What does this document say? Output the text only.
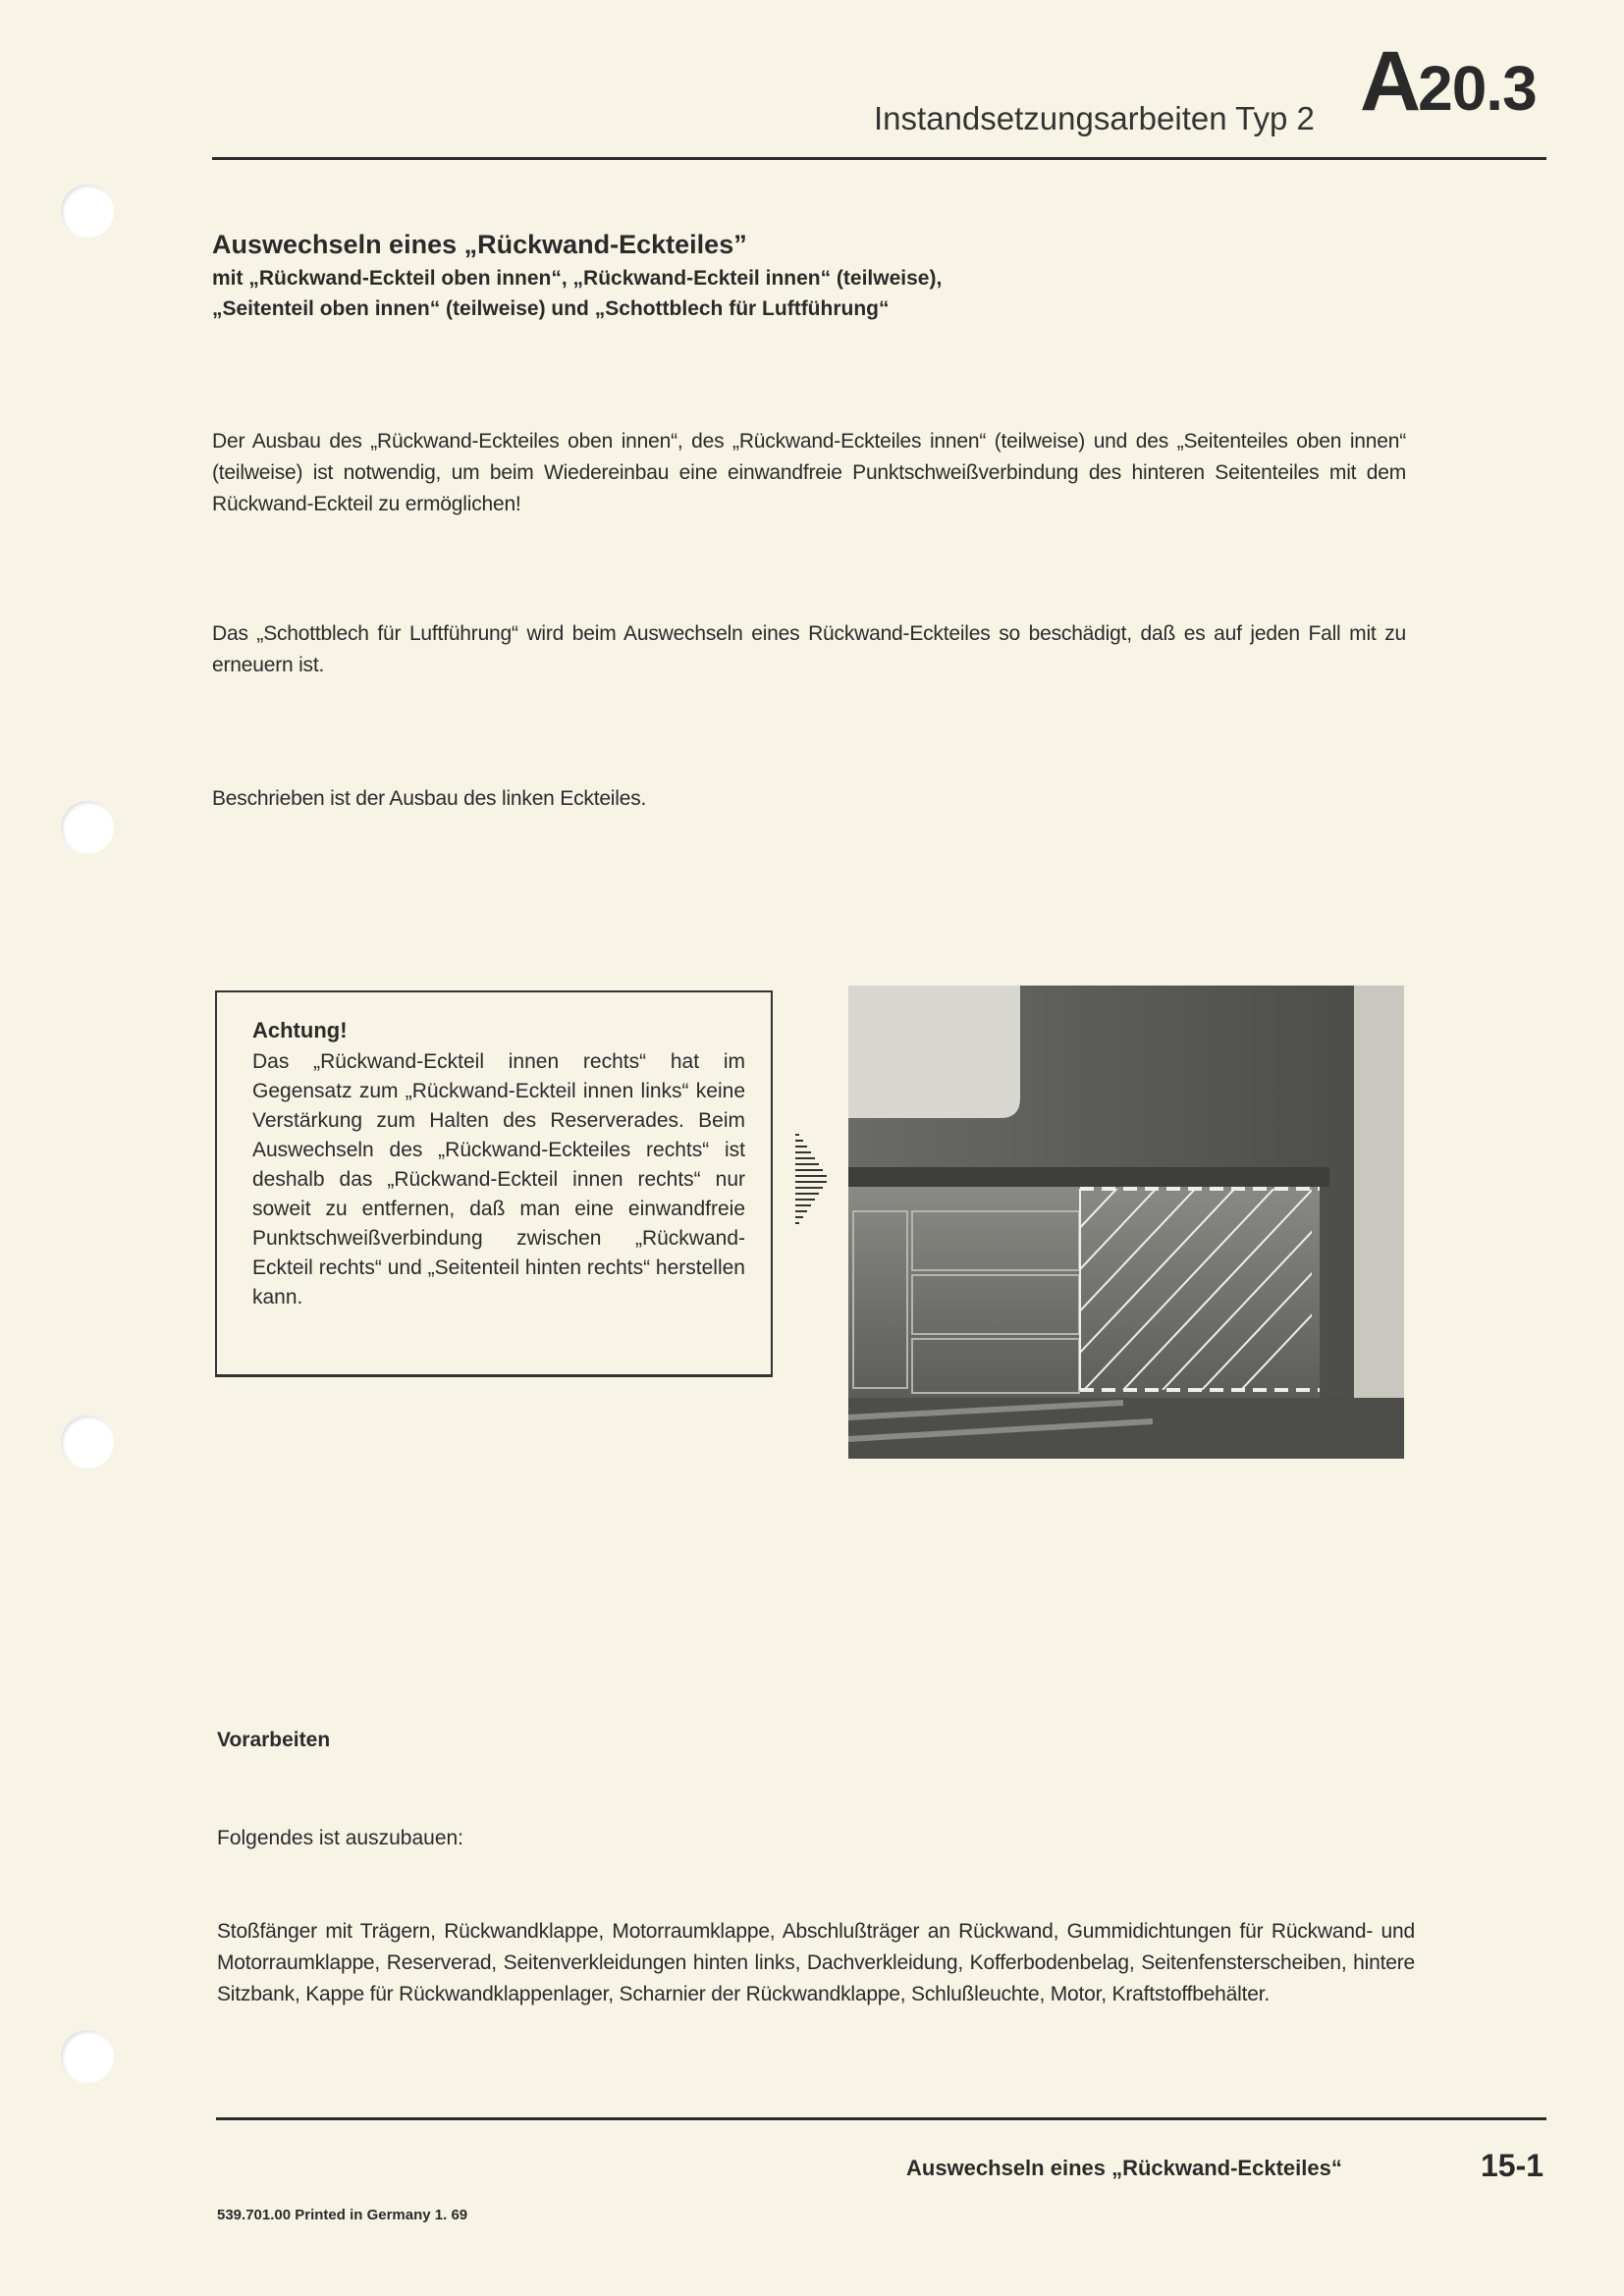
Instandsetzungsarbeiten Typ 2 A20.3
Auswechseln eines „Rückwand-Eckteiles”
mit „Rückwand-Eckteil oben innen“, „Rückwand-Eckteil innen“ (teilweise),
„Seitenteil oben innen“ (teilweise) und „Schottblech für Luftführung“
Der Ausbau des „Rückwand-Eckteiles oben innen“, des „Rückwand-Eckteiles innen“ (teilweise) und des „Seitenteiles oben innen“ (teilweise) ist notwendig, um beim Wiedereinbau eine einwandfreie Punktschweißverbindung des hinteren Seitenteiles mit dem Rückwand-Eckteil zu ermöglichen!
Das „Schottblech für Luftführung“ wird beim Auswechseln eines Rückwand-Eckteiles so beschädigt, daß es auf jeden Fall mit zu erneuern ist.
Beschrieben ist der Ausbau des linken Eckteiles.
Achtung!
Das „Rückwand-Eckteil innen rechts“ hat im Gegensatz zum „Rückwand-Eckteil innen links“ keine Verstärkung zum Halten des Reserverades. Beim Auswechseln des „Rückwand-Eckteiles rechts“ ist deshalb das „Rückwand-Eckteil innen rechts“ nur soweit zu entfernen, daß man eine einwandfreie Punktschweißverbindung zwischen „Rückwand-Eckteil rechts“ und „Seitenteil hinten rechts“ herstellen kann.
Vorarbeiten
Folgendes ist auszubauen:
Stoßfänger mit Trägern, Rückwandklappe, Motorraumklappe, Abschlußträger an Rückwand, Gummidichtungen für Rückwand- und Motorraumklappe, Reserverad, Seitenverkleidungen hinten links, Dachverkleidung, Kofferbodenbelag, Seitenfensterscheiben, hintere Sitzbank, Kappe für Rückwandklappenlager, Scharnier der Rückwandklappe, Schlußleuchte, Motor, Kraftstoffbehälter.
Auswechseln eines „Rückwand-Eckteiles“	15-1
539.701.00 Printed in Germany 1. 69
